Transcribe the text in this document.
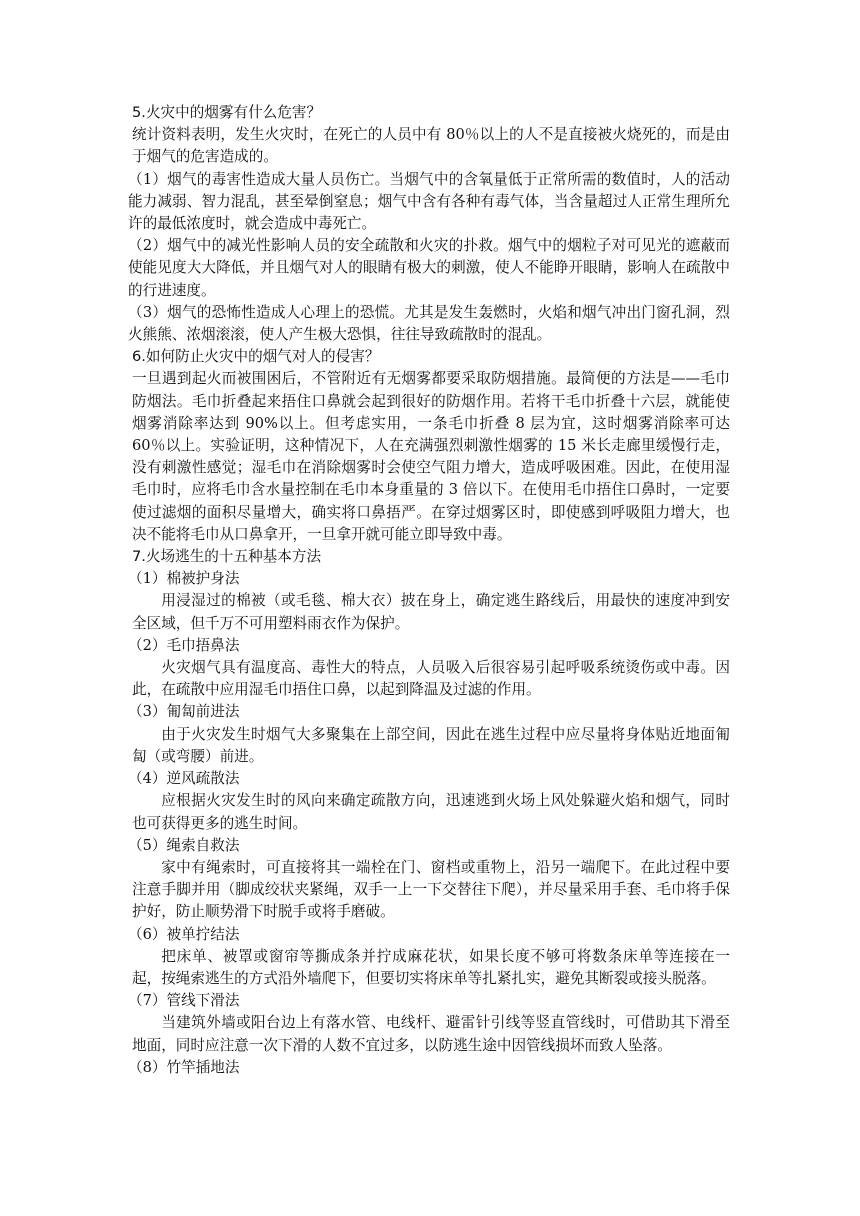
5.火灾中的烟雾有什么危害？

统计资料表明，发生火灾时，在死亡的人员中有 80％以上的人不是直接被火烧死的，而是由于烟气的危害造成的。

（1）烟气的毒害性造成大量人员伤亡。当烟气中的含氧量低于正常所需的数值时，人的活动能力减弱、智力混乱，甚至晕倒窒息；烟气中含有各种有毒气体，当含量超过人正常生理所允许的最低浓度时，就会造成中毒死亡。

（2）烟气中的减光性影响人员的安全疏散和火灾的扑救。烟气中的烟粒子对可见光的遮蔽而使能见度大大降低，并且烟气对人的眼睛有极大的刺激，使人不能睁开眼睛，影响人在疏散中的行进速度。

（3）烟气的恐怖性造成人心理上的恐慌。尤其是发生轰燃时，火焰和烟气冲出门窗孔洞，烈火熊熊、浓烟滚滚，使人产生极大恐惧，往往导致疏散时的混乱。

6.如何防止火灾中的烟气对人的侵害？

一旦遇到起火而被围困后，不管附近有无烟雾都要采取防烟措施。最简便的方法是——毛巾防烟法。毛巾折叠起来捂住口鼻就会起到很好的防烟作用。若将干毛巾折叠十六层，就能使烟雾消除率达到 90%以上。但考虑实用，一条毛巾折叠 8 层为宜，这时烟雾消除率可达 60％以上。实验证明，这种情况下，人在充满强烈刺激性烟雾的 15 米长走廊里缓慢行走，没有刺激性感觉；湿毛巾在消除烟雾时会使空气阻力增大，造成呼吸困难。因此，在使用湿毛巾时，应将毛巾含水量控制在毛巾本身重量的 3 倍以下。在使用毛巾捂住口鼻时，一定要使过滤烟的面积尽量增大，确实将口鼻捂严。在穿过烟雾区时，即使感到呼吸阻力增大，也决不能将毛巾从口鼻拿开，一旦拿开就可能立即导致中毒。

7.火场逃生的十五种基本方法

（1）棉被护身法

用浸湿过的棉被（或毛毯、棉大衣）披在身上，确定逃生路线后，用最快的速度冲到安全区域，但千万不可用塑料雨衣作为保护。

（2）毛巾捂鼻法

火灾烟气具有温度高、毒性大的特点，人员吸入后很容易引起呼吸系统烫伤或中毒。因此，在疏散中应用湿毛巾捂住口鼻，以起到降温及过滤的作用。

（3）匍匐前进法

由于火灾发生时烟气大多聚集在上部空间，因此在逃生过程中应尽量将身体贴近地面匍匐（或弯腰）前进。

（4）逆风疏散法

应根据火灾发生时的风向来确定疏散方向，迅速逃到火场上风处躲避火焰和烟气，同时也可获得更多的逃生时间。

（5）绳索自救法

家中有绳索时，可直接将其一端栓在门、窗档或重物上，沿另一端爬下。在此过程中要注意手脚并用（脚成绞状夹紧绳，双手一上一下交替往下爬），并尽量采用手套、毛巾将手保护好，防止顺势滑下时脱手或将手磨破。

（6）被单拧结法

把床单、被罩或窗帘等撕成条并拧成麻花状，如果长度不够可将数条床单等连接在一起，按绳索逃生的方式沿外墙爬下，但要切实将床单等扎紧扎实，避免其断裂或接头脱落。

（7）管线下滑法

当建筑外墙或阳台边上有落水管、电线杆、避雷针引线等竖直管线时，可借助其下滑至地面，同时应注意一次下滑的人数不宜过多，以防逃生途中因管线损坏而致人坠落。

（8）竹竿插地法
